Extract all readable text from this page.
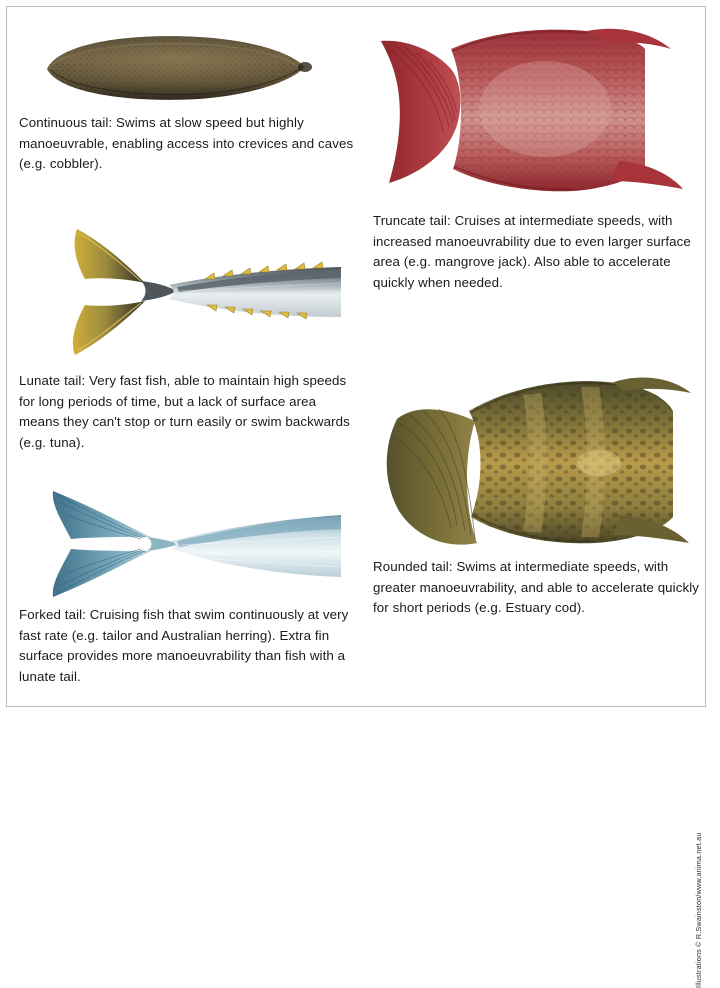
Continuous tail: Swims at slow speed but highly manoeuvrable, enabling access into crevices and caves (e.g. cobbler).
Lunate tail: Very fast fish, able to maintain high speeds for long periods of time, but a lack of surface area means they can't stop or turn easily or swim backwards (e.g. tuna).
Forked tail: Cruising fish that swim continuously at very fast rate (e.g. tailor and Australian herring). Extra fin surface provides more manoeuvrability than fish with a lunate tail.
Truncate tail: Cruises at intermediate speeds, with increased manoeuvrability due to even larger surface area (e.g. mangrove jack). Also able to accelerate quickly when needed.
Rounded tail: Swims at intermediate speeds, with greater manoeuvrability, and able to accelerate quickly for short periods (e.g. Estuary cod).
Illustrations © R.Swainston/www.anima.net.au
